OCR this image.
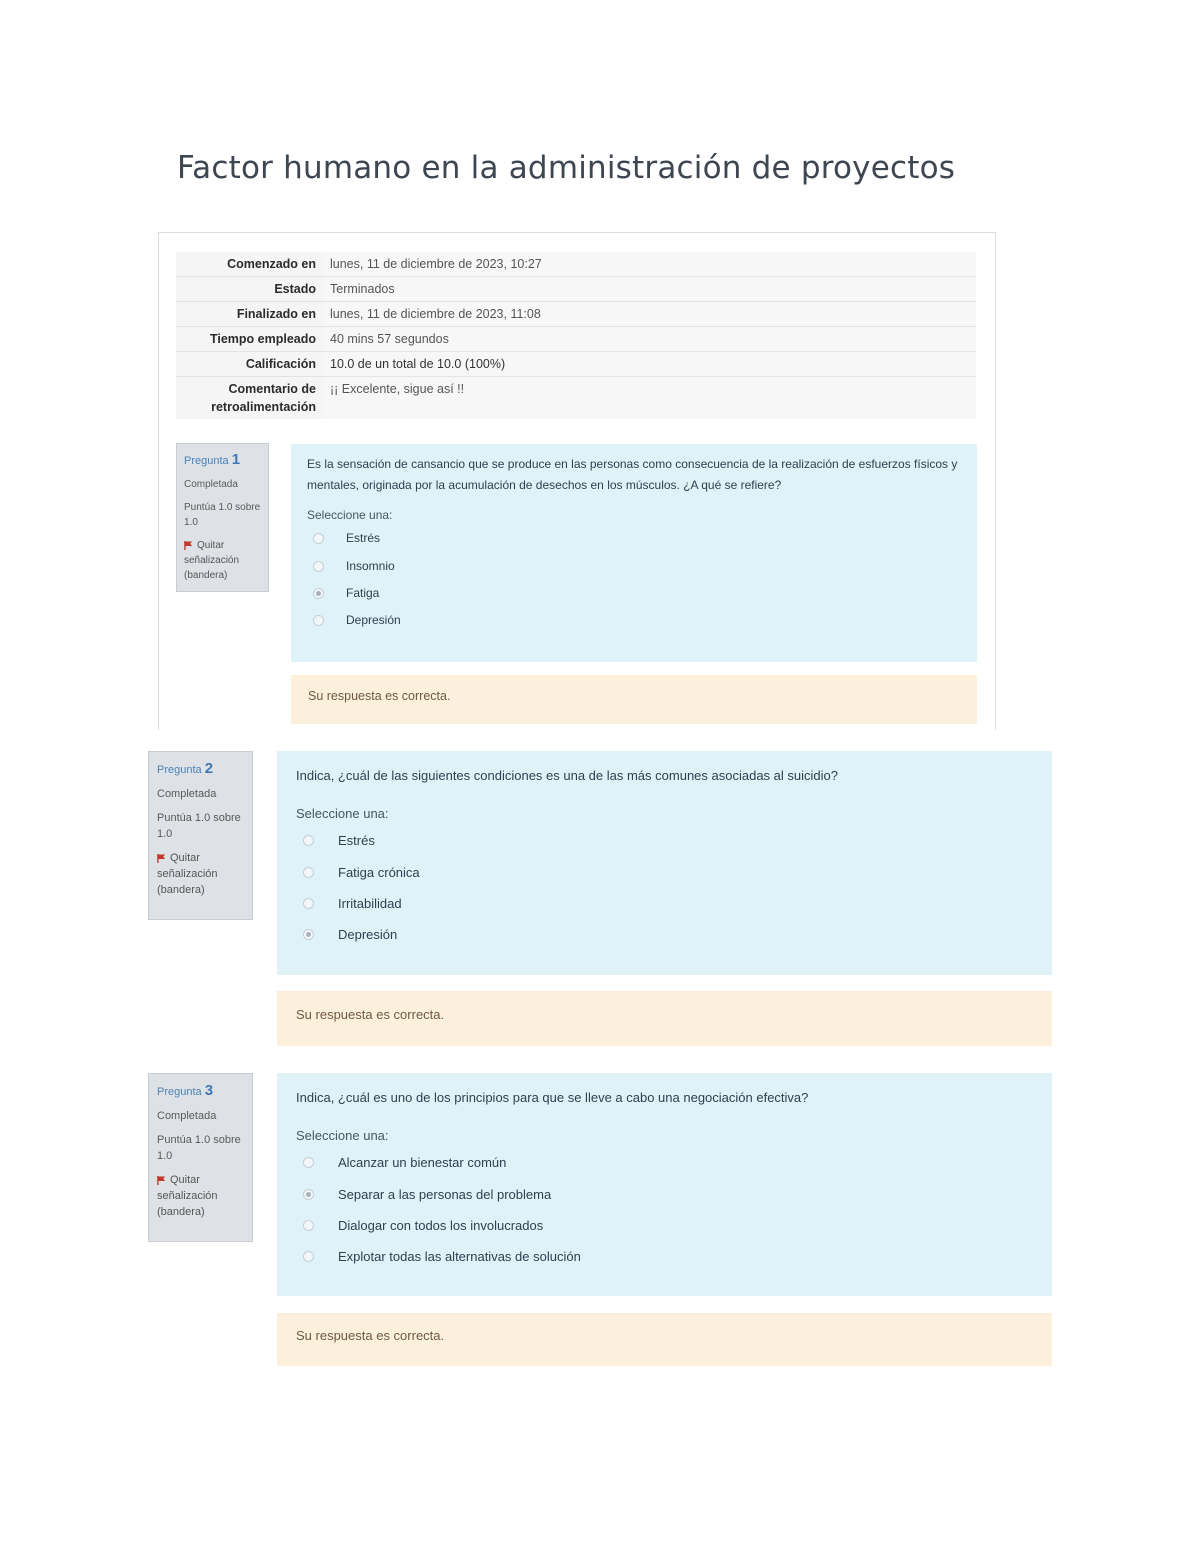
Factor humano en la administración de proyectos
Comenzado en	lunes, 11 de diciembre de 2023, 10:27
Estado	Terminados
Finalizado en	lunes, 11 de diciembre de 2023, 11:08
Tiempo empleado	40 mins 57 segundos
Calificación	10.0 de un total de 10.0 (100%)
Comentario de retroalimentación	¡¡ Excelente, sigue así !!
Pregunta 1
Completada
Puntúa 1.0 sobre 1.0
Quitar señalización (bandera)
Es la sensación de cansancio que se produce en las personas como consecuencia de la realización de esfuerzos físicos y mentales, originada por la acumulación de desechos en los músculos. ¿A qué se refiere?
Seleccione una:
Estrés
Insomnio
Fatiga
Depresión
Su respuesta es correcta.
Pregunta 2
Completada
Puntúa 1.0 sobre 1.0
Quitar señalización (bandera)
Indica, ¿cuál de las siguientes condiciones es una de las más comunes asociadas al suicidio?
Seleccione una:
Estrés
Fatiga crónica
Irritabilidad
Depresión
Su respuesta es correcta.
Pregunta 3
Completada
Puntúa 1.0 sobre 1.0
Quitar señalización (bandera)
Indica, ¿cuál es uno de los principios para que se lleve a cabo una negociación efectiva?
Seleccione una:
Alcanzar un bienestar común
Separar a las personas del problema
Dialogar con todos los involucrados
Explotar todas las alternativas de solución
Su respuesta es correcta.
